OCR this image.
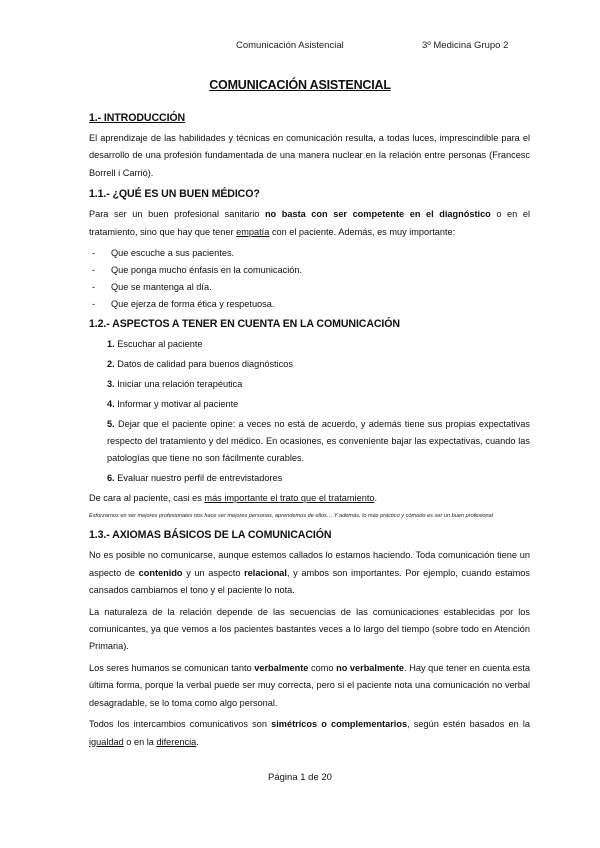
Comunicación Asistencial	3º Medicina Grupo 2
COMUNICACIÓN ASISTENCIAL
1.- INTRODUCCIÓN

El aprendizaje de las habilidades y técnicas en comunicación resulta, a todas luces, imprescindible para el desarrollo de una profesión fundamentada de una manera nuclear en la relación entre personas (Francesc Borrell i Carrió).

1.1.- ¿QUÉ ES UN BUEN MÉDICO?

Para ser un buen profesional sanitario no basta con ser competente en el diagnóstico o en el tratamiento, sino que hay que tener empatía con el paciente. Además, es muy importante:

- Que escuche a sus pacientes.
- Que ponga mucho énfasis en la comunicación.
- Que se mantenga al día.
- Que ejerza de forma ética y respetuosa.
1.2.- ASPECTOS A TENER EN CUENTA EN LA COMUNICACIÓN
1. Escuchar al paciente
2. Datos de calidad para buenos diagnósticos
3. Iniciar una relación terapéutica
4. Informar y motivar al paciente
5. Dejar que el paciente opine: a veces no está de acuerdo, y además tiene sus propias expectativas respecto del tratamiento y del médico. En ocasiones, es conveniente bajar las expectativas, cuando las patologías que tiene no son fácilmente curables.
6. Evaluar nuestro perfil de entrevistadores

De cara al paciente, casi es más importante el trato que el tratamiento.

Esforzarnos en ser mejores profesionales nos hace ser mejores personas, aprendemos de ellos… Y además, lo más práctico y cómodo es ser un buen profesional
1.3.- AXIOMAS BÁSICOS DE LA COMUNICACIÓN

No es posible no comunicarse, aunque estemos callados lo estamos haciendo. Toda comunicación tiene un aspecto de contenido y un aspecto relacional, y ambos son importantes. Por ejemplo, cuando estamos cansados cambiamos el tono y el paciente lo nota.

La naturaleza de la relación depende de las secuencias de las comunicaciones establecidas por los comunicantes, ya que vemos a los pacientes bastantes veces a lo largo del tiempo (sobre todo en Atención Primaria).

Los seres humanos se comunican tanto verbalmente como no verbalmente. Hay que tener en cuenta esta última forma, porque la verbal puede ser muy correcta, pero si el paciente nota una comunicación no verbal desagradable, se lo toma como algo personal.

Todos los intercambios comunicativos son simétricos o complementarios, según estén basados en la igualdad o en la diferencia.

Página 1 de 20
